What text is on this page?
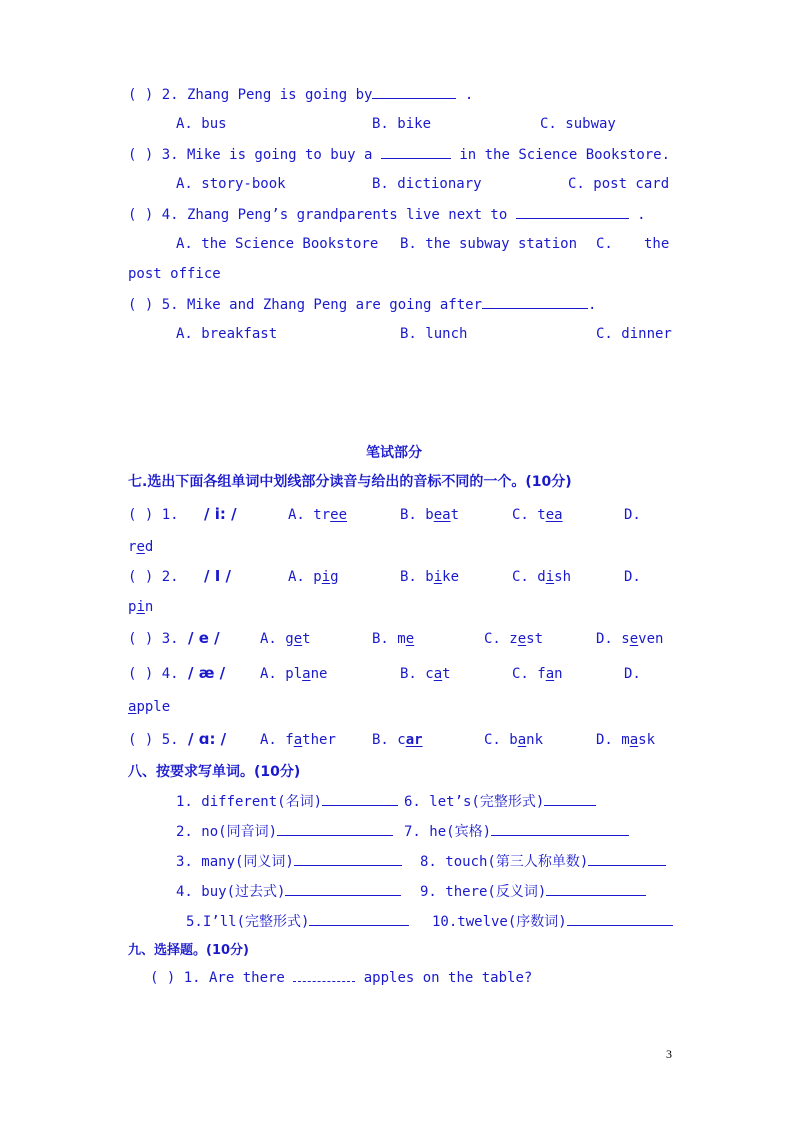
( ) 2. Zhang Peng is going by	.
A. bus	B. bike	C. subway
( ) 3. Mike is going to buy a	in the Science Bookstore.
A. story-book	B. dictionary	C. post card
( ) 4. Zhang Peng’s grandparents live next to	.
A. the Science Bookstore B. the subway station C. the
post office
( ) 5. Mike and Zhang Peng are going after	.
A. breakfast	B. lunch	C. dinner
笔试部分
七.选出下面各组单词中划线部分读音与给出的音标不同的一个。(10分)
( ) 1. / i: /	A. tree	B. beat	C. tea	D.
red
( ) 2. / I /	A. pig	B. bike	C. dish	D.
pin
( ) 3. / e /	A. get	B. me	C. zest	D. seven
( ) 4. / æ / A. plane	B. cat	C. fan	D.
apple
( ) 5. / ɑ: / A. father	B. car	C. bank	D. mask
八、按要求写单词。(10分)
1. different(名词)	6. let’s(完整形式)
2. no(同音词)	7. he(宾格)
3. many(同义词)	8. touch(第三人称单数)
4. buy(过去式)	9. there(反义词)
5.I’ll(完整形式)	10.twelve(序数词)
九、选择题。(10分)
( ) 1. Are there	apples on the table?
3
